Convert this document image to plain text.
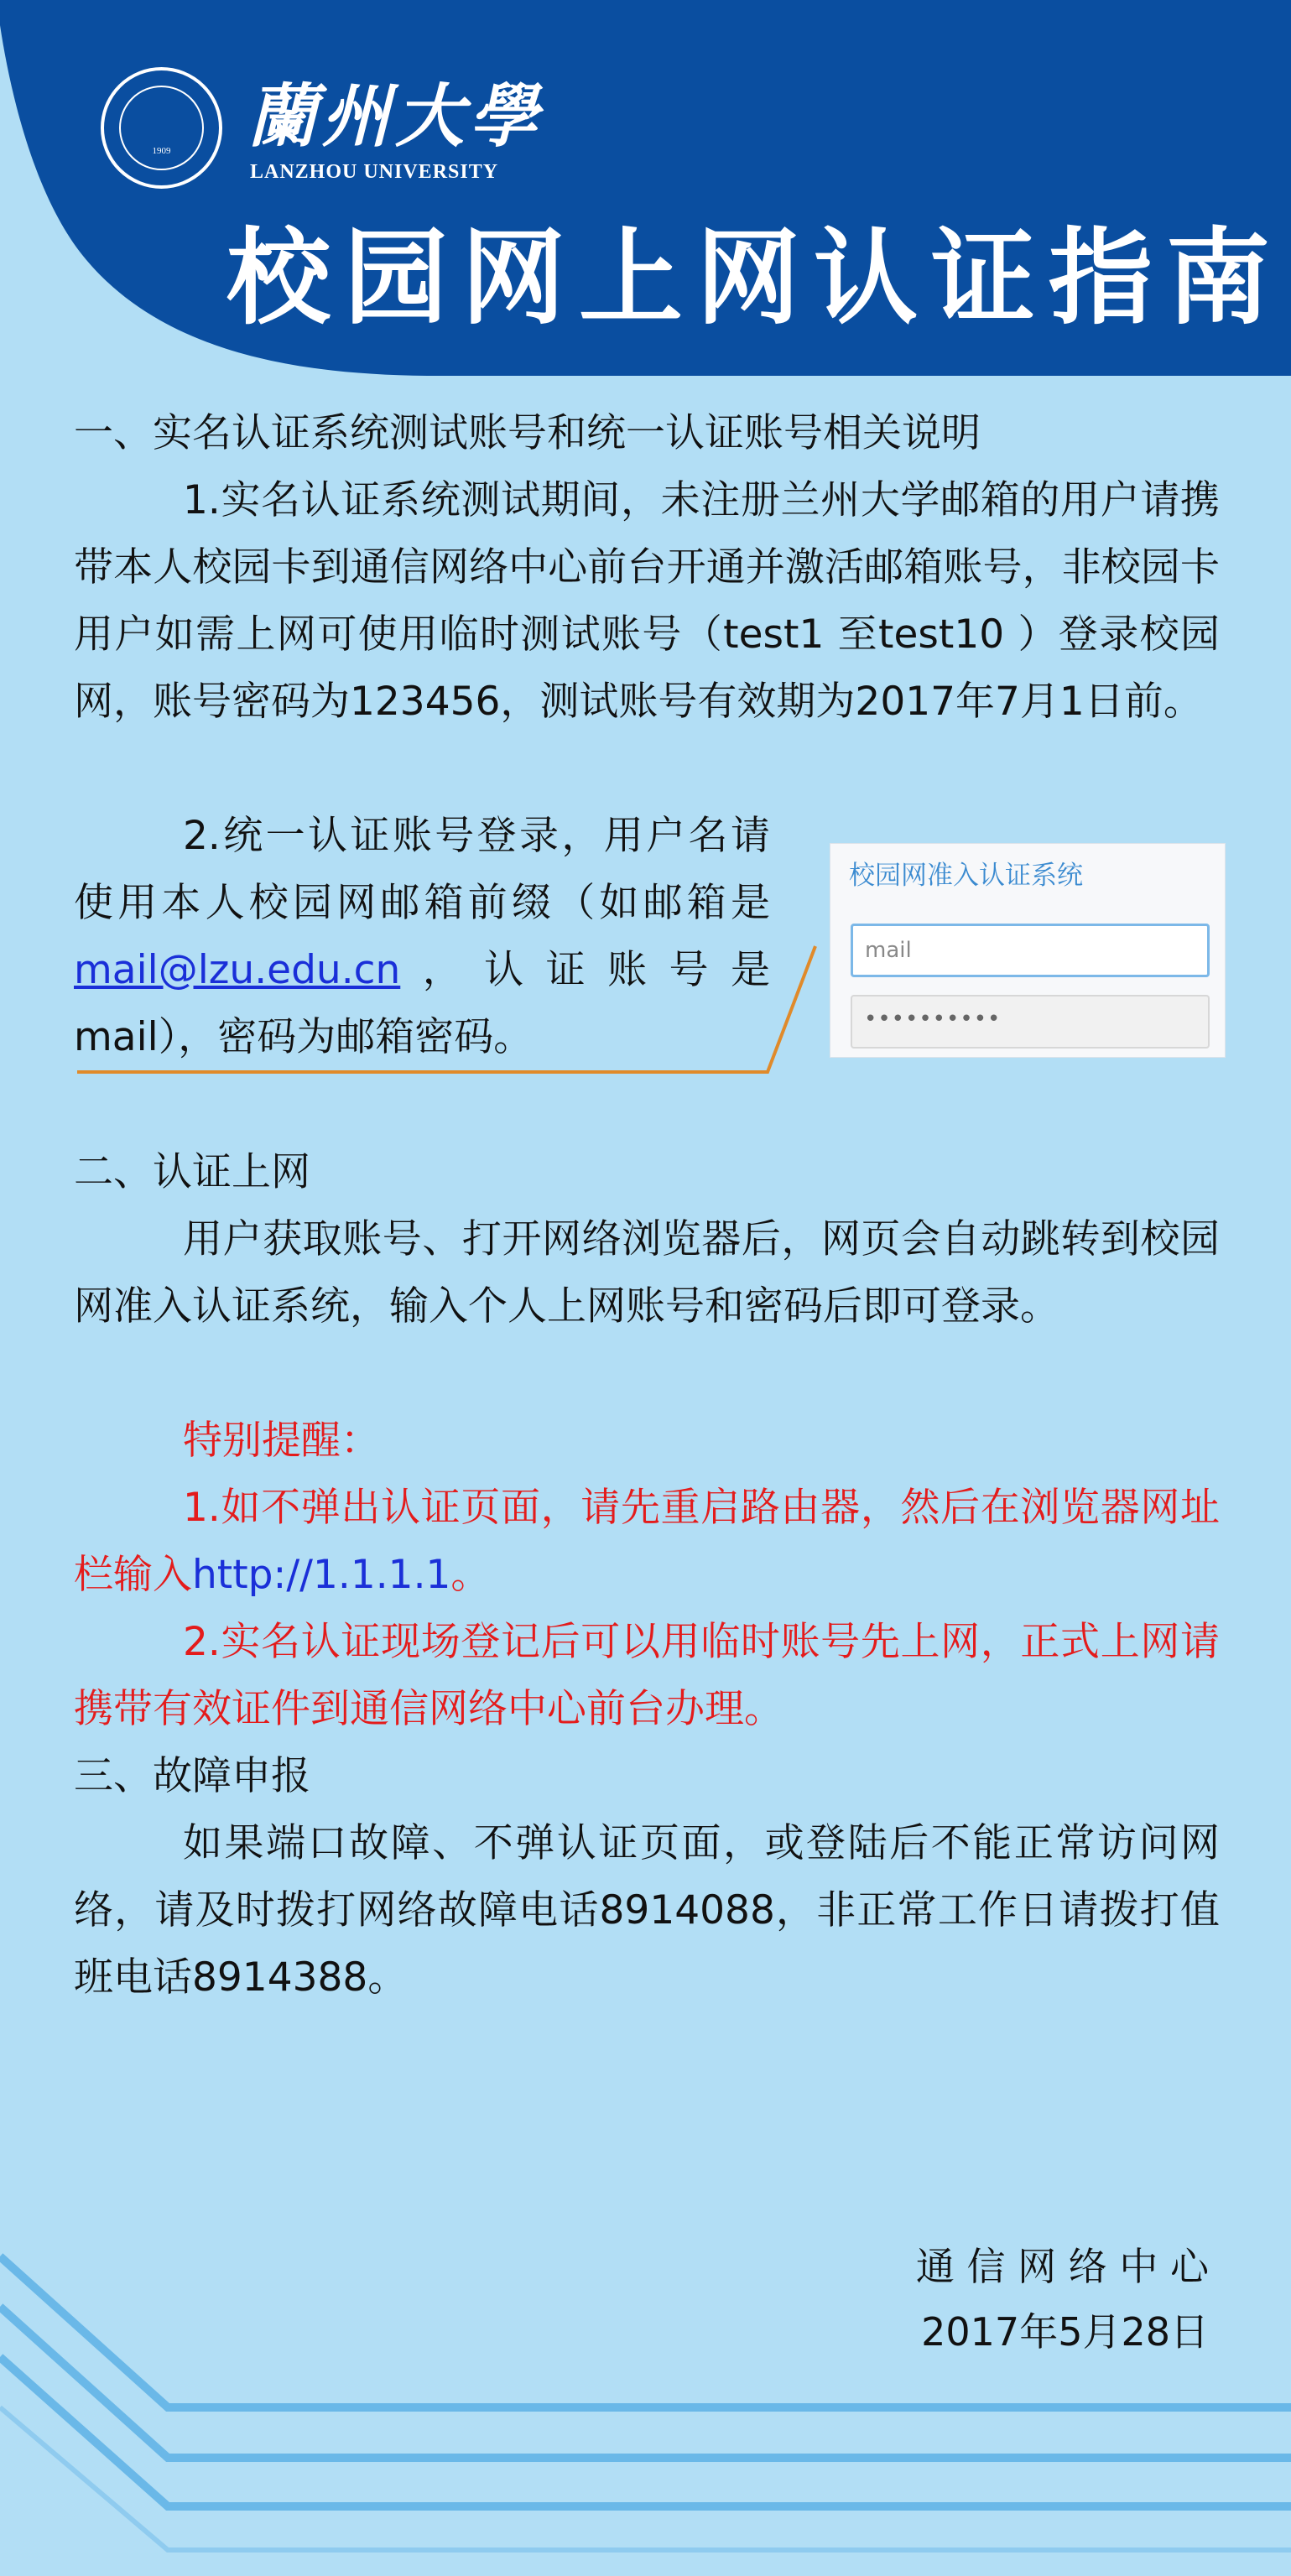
1909	蘭州大學
LANZHOU UNIVERSITY
校园网上网认证指南
一、实名认证系统测试账号和统一认证账号相关说明
1.实名认证系统测试期间，未注册兰州大学邮箱的用户请携带本人校园卡到通信网络中心前台开通并激活邮箱账号，非校园卡用户如需上网可使用临时测试账号（test1 至test10 ）登录校园网，账号密码为123456，测试账号有效期为2017年7月1日前。
2.统一认证账号登录，用户名请使用本人校园网邮箱前缀（如邮箱是mail@lzu.edu.cn，认证账号是mail），密码为邮箱密码。
校园网准入认证系统
mail
••••••••••
二、认证上网
用户获取账号、打开网络浏览器后，网页会自动跳转到校园网准入认证系统，输入个人上网账号和密码后即可登录。
特别提醒：
1.如不弹出认证页面，请先重启路由器，然后在浏览器网址栏输入http://1.1.1.1。
2.实名认证现场登记后可以用临时账号先上网，正式上网请携带有效证件到通信网络中心前台办理。
三、故障申报
如果端口故障、不弹认证页面，或登陆后不能正常访问网络，请及时拨打网络故障电话8914088，非正常工作日请拨打值班电话8914388。
通 信 网 络 中 心
2017年5月28日
